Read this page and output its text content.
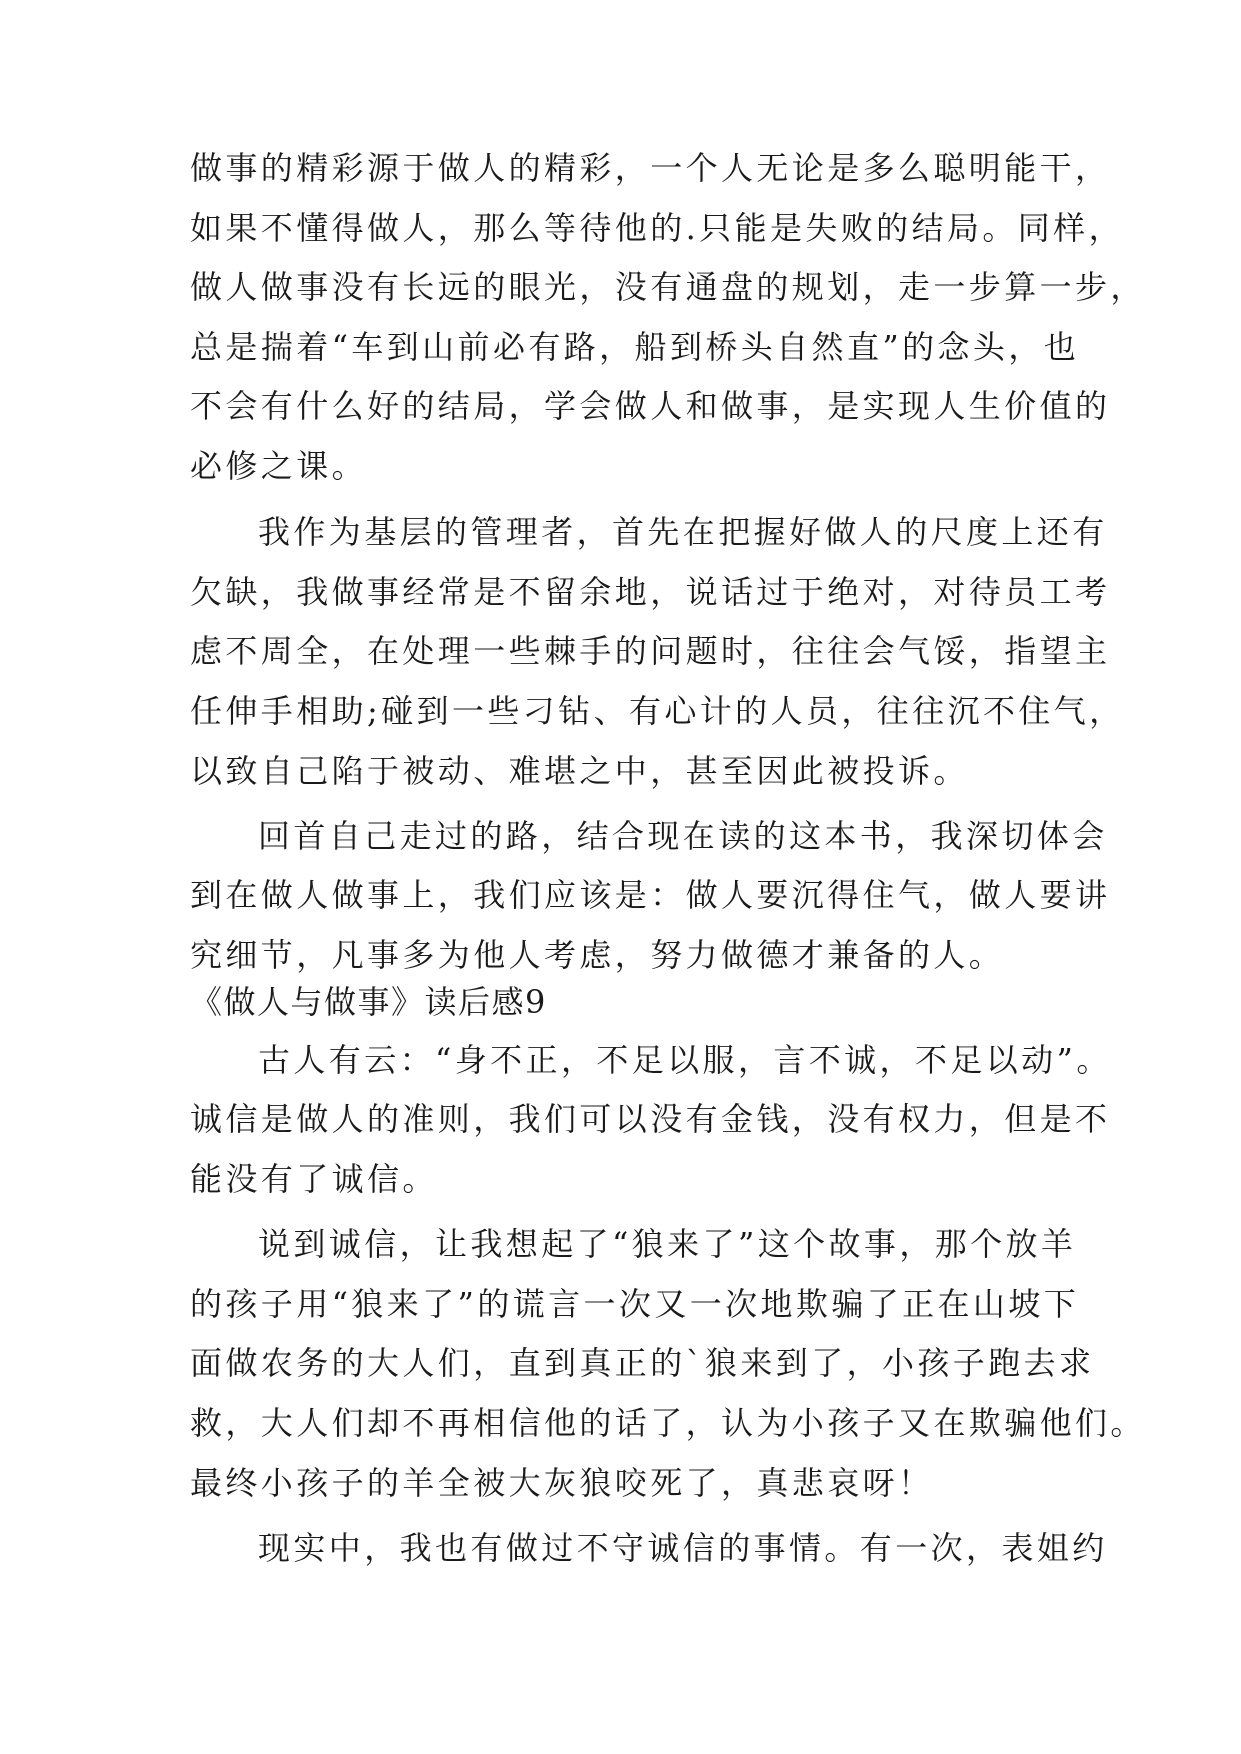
做事的精彩源于做人的精彩，一个人无论是多么聪明能干，
如果不懂得做人，那么等待他的.只能是失败的结局。同样，
做人做事没有长远的眼光，没有通盘的规划，走一步算一步，
总是揣着“车到山前必有路，船到桥头自然直”的念头，也
不会有什么好的结局，学会做人和做事，是实现人生价值的
必修之课。
我作为基层的管理者，首先在把握好做人的尺度上还有
欠缺，我做事经常是不留余地，说话过于绝对，对待员工考
虑不周全，在处理一些棘手的问题时，往往会气馁，指望主
任伸手相助;碰到一些刁钻、有心计的人员，往往沉不住气，
以致自己陷于被动、难堪之中，甚至因此被投诉。
回首自己走过的路，结合现在读的这本书，我深切体会
到在做人做事上，我们应该是：做人要沉得住气，做人要讲
究细节，凡事多为他人考虑，努力做德才兼备的人。
《做人与做事》读后感9
古人有云：“身不正，不足以服，言不诚，不足以动”。
诚信是做人的准则，我们可以没有金钱，没有权力，但是不
能没有了诚信。
说到诚信，让我想起了“狼来了”这个故事，那个放羊
的孩子用“狼来了”的谎言一次又一次地欺骗了正在山坡下
面做农务的大人们，直到真正的`狼来到了，小孩子跑去求
救，大人们却不再相信他的话了，认为小孩子又在欺骗他们。
最终小孩子的羊全被大灰狼咬死了，真悲哀呀！
现实中，我也有做过不守诚信的事情。有一次，表姐约
